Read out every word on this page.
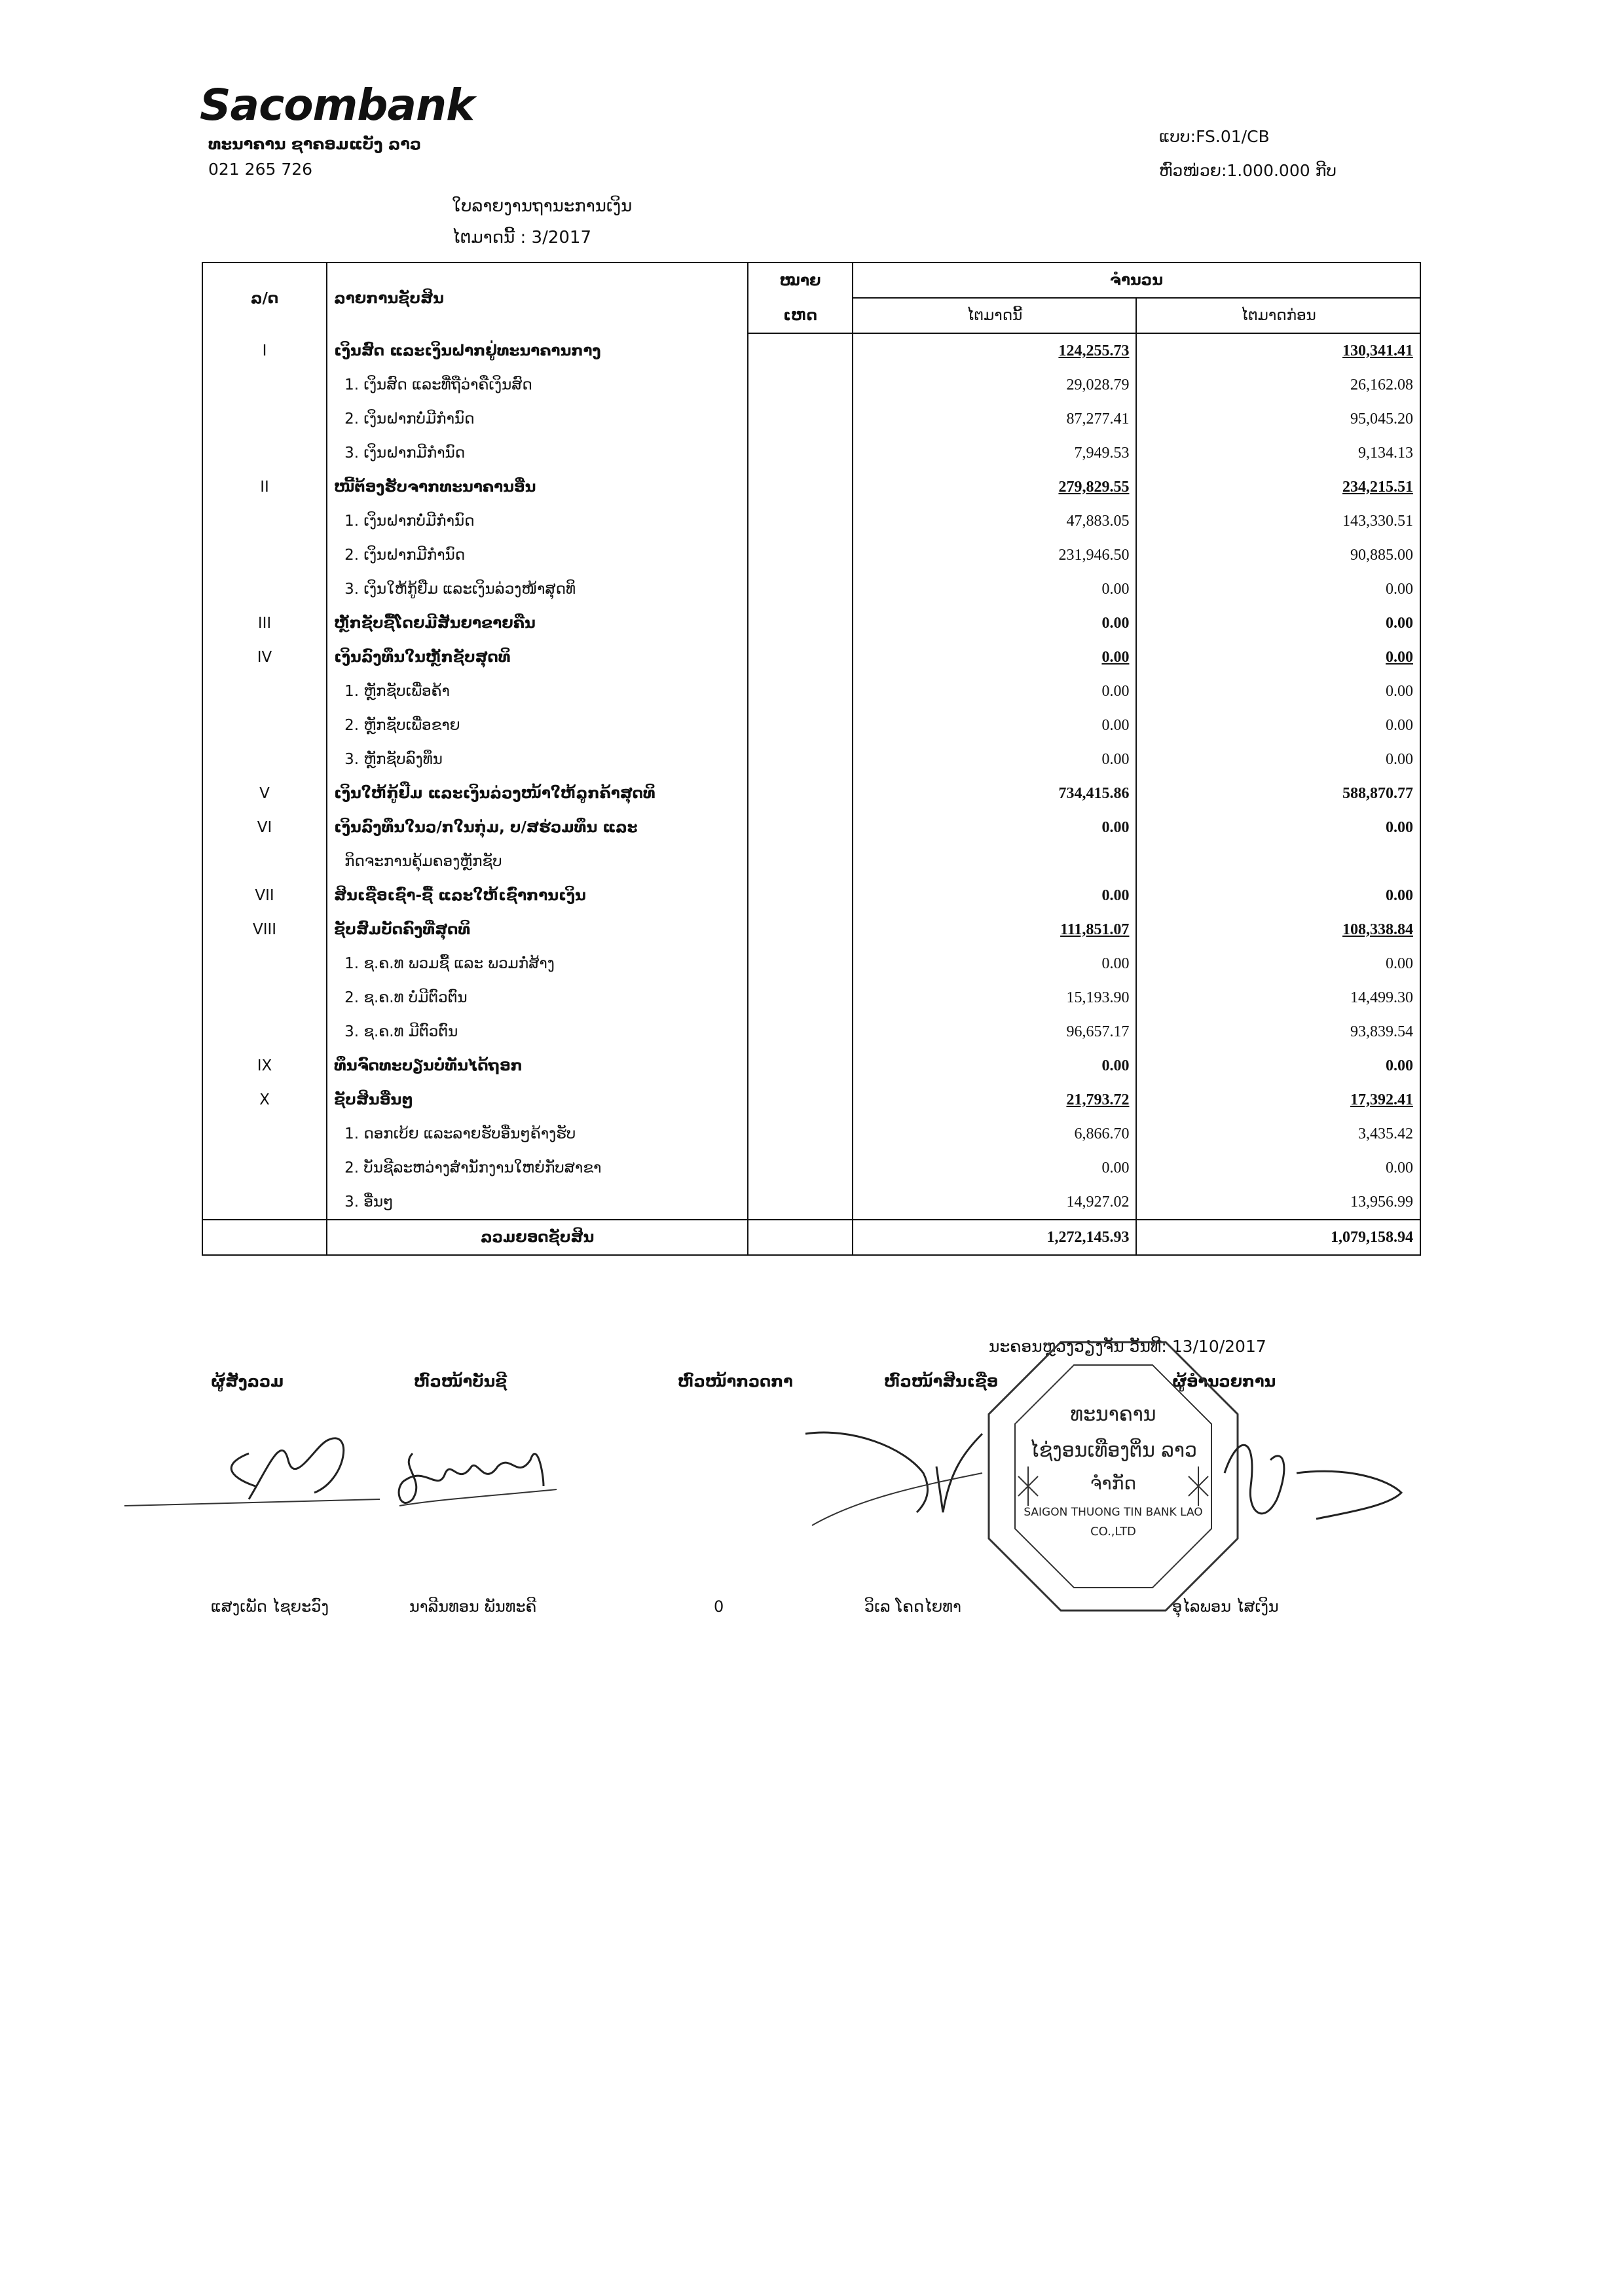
Sacombank
ທະນາຄານ ຊາຄອມແບັງ ລາວ
021 265 726
ແບບ:FS.01/CB
ຫົວໜ່ວຍ:1.000.000 ກີບ
ໃບລາຍງານຖານະການເງິນ
ໄຕມາດນີ້ : 3/2017
ລ/ດ	ລາຍການຊັບສິນ	ໝາຍ	ຈຳນວນ	
		ເຫດ	ໄຕມາດນີ້	ໄຕມາດກ່ອນ
I	ເງິນສົດ ແລະເງິນຝາກຢູ່ທະນາຄານກາງ		124,255.73	130,341.41
	1. ເງິນສົດ ແລະທີ່ຖືວ່າຄືເງິນສົດ		29,028.79	26,162.08
	2. ເງິນຝາກບໍ່ມີກຳນົດ		87,277.41	95,045.20
	3. ເງິນຝາກມີກຳນົດ		7,949.53	9,134.13
II	ໜີ້ຕ້ອງຮັບຈາກທະນາຄານອື່ນ		279,829.55	234,215.51
	1. ເງິນຝາກບໍ່ມີກຳນົດ		47,883.05	143,330.51
	2. ເງິນຝາກມີກຳນົດ		231,946.50	90,885.00
	3. ເງິນໃຫ້ກູ້ຢືມ ແລະເງິນລ່ວງໜ້າສຸດທິ		0.00	0.00
III	ຫຼັກຊັບຊື້ໂດຍມີສັນຍາຂາຍຄືນ		0.00	0.00
IV	ເງິນລົງທຶນໃນຫຼັກຊັບສຸດທິ		0.00	0.00
	1. ຫຼັກຊັບເພື່ອຄ້າ		0.00	0.00
	2. ຫຼັກຊັບເພື່ອຂາຍ		0.00	0.00
	3. ຫຼັກຊັບລົງທຶນ		0.00	0.00
V	ເງິນໃຫ້ກູ້ຢືມ ແລະເງິນລ່ວງໜ້າໃຫ້ລູກຄ້າສຸດທິ		734,415.86	588,870.77
VI	ເງິນລົງທຶນໃນວ/ກໃນກຸ່ມ, ບ/ສຮ່ວມທຶນ ແລະ		0.00	0.00
	ກິດຈະການຄຸ້ມຄອງຫຼັກຊັບ			
VII	ສິນເຊື່ອເຊົ່າ-ຊື້ ແລະໃຫ້ເຊົ່າການເງິນ		0.00	0.00
VIII	ຊັບສົມບັດຄົງທີ່ສຸດທິ		111,851.07	108,338.84
	1. ຊ.ຄ.ທ ພວມຊື້ ແລະ ພວມກໍ່ສ້າງ		0.00	0.00
	2. ຊ.ຄ.ທ ບໍ່ມີຕົວຕົນ		15,193.90	14,499.30
	3. ຊ.ຄ.ທ ມີຕົວຕົນ		96,657.17	93,839.54
IX	ທຶນຈົດທະບຽນບໍ່ທັນໄດ້ຖອກ		0.00	0.00
X	ຊັບສິນອື່ນໆ		21,793.72	17,392.41
	1. ດອກເບ້ຍ ແລະລາຍຮັບອື່ນໆຄ້າງຮັບ		6,866.70	3,435.42
	2. ບັນຊີລະຫວ່າງສຳນັກງານໃຫຍ່ກັບສາຂາ		0.00	0.00
	3. ອື່ນໆ		14,927.02	13,956.99
	ລວມຍອດຊັບສິນ		1,272,145.93	1,079,158.94
ນະຄອນຫຼວງວຽງຈັນ ວັນທີ: 13/10/2017
ຜູ້ສັງລວມ	ຫົວໜ້າບັນຊີ	ຫົວໜ້າກວດກາ	ຫົວໜ້າສິນເຊື່ອ	ຜູ້ອຳນວຍການ
ແສງເພັດ ໄຊຍະວົງ	ນາລີນທອນ ພັນທະຄີ	0	ວິເລ ໂຄດໄຍທາ	ອຸໄລພອນ ໄສເງິນ
ທະນາຄານ
ໄຊ່ງອນເທືອງຕິ່ນ ລາວ
ຈຳກັດ
SAIGON THUONG TIN BANK LAO
CO.,LTD
